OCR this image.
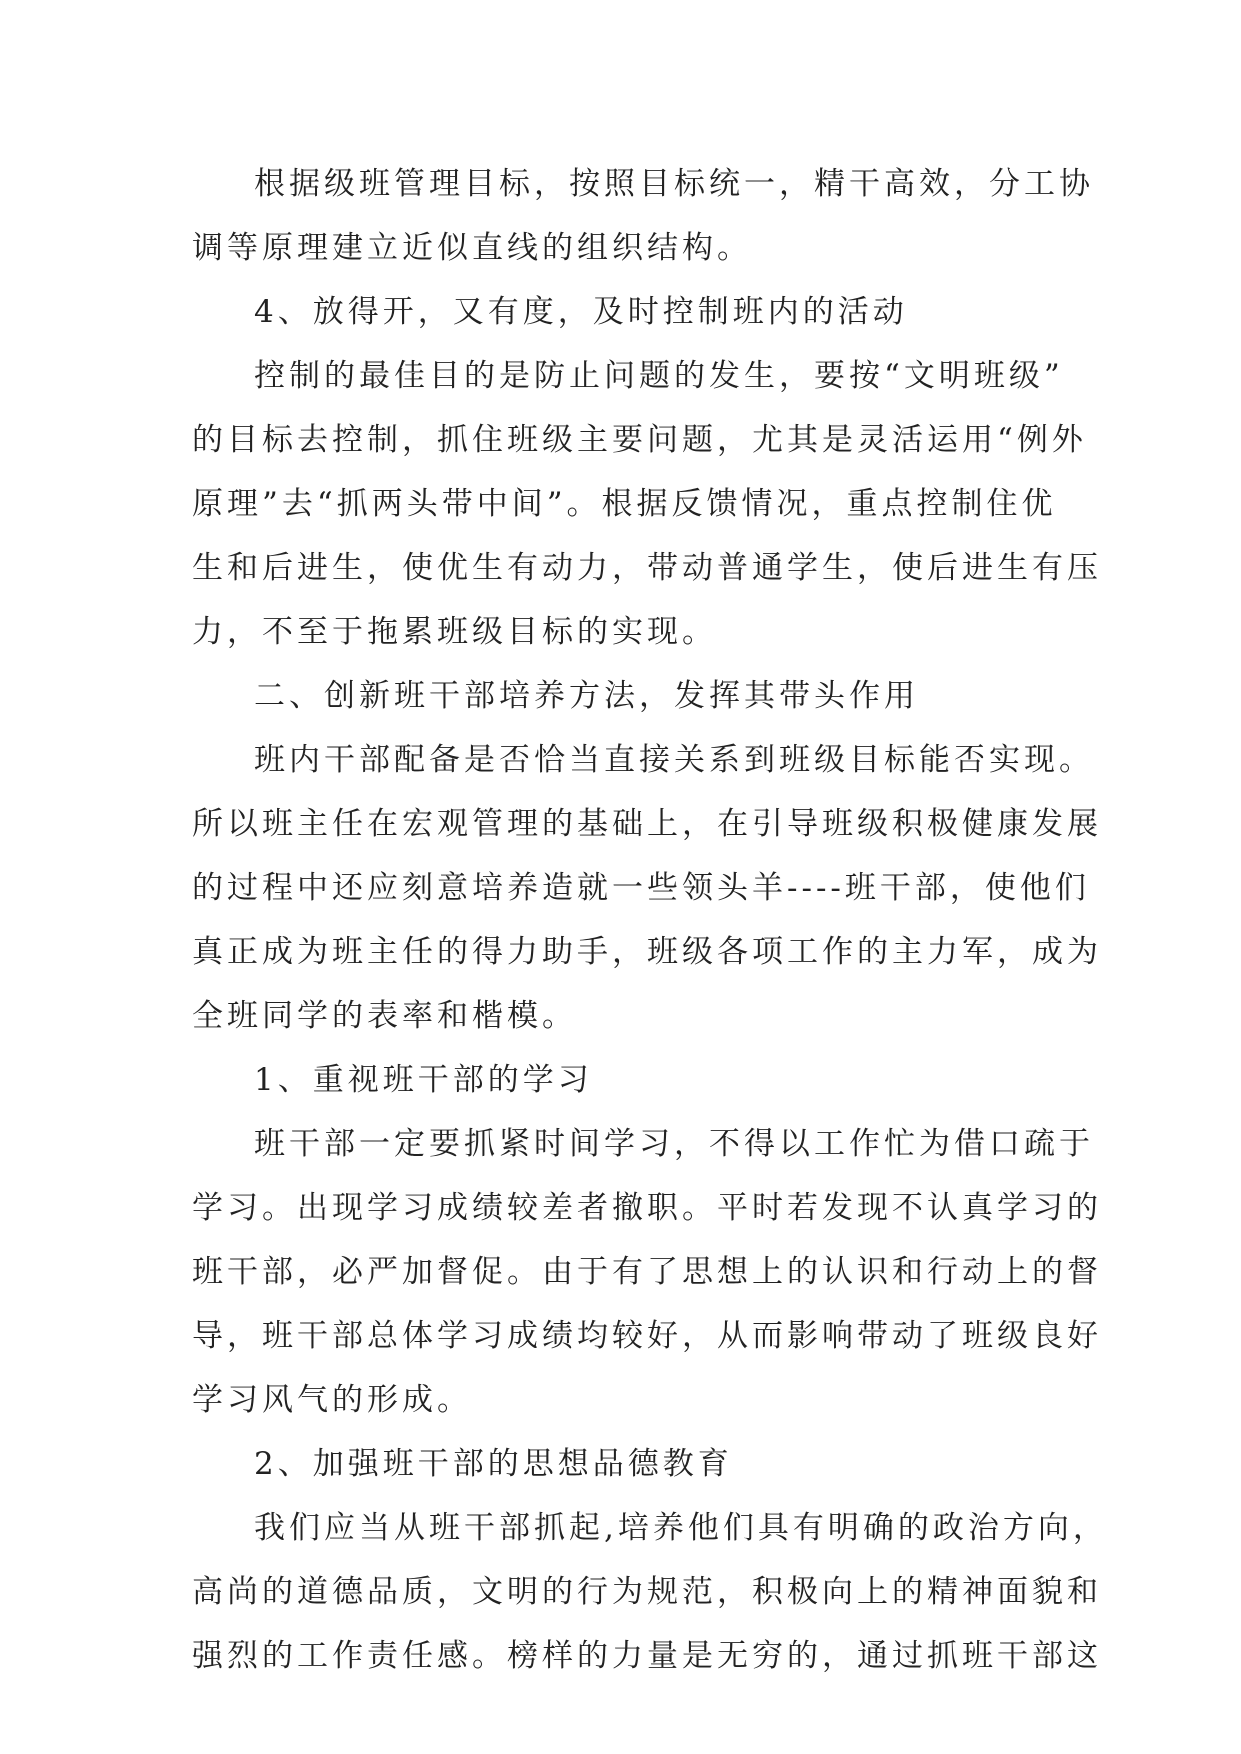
根据级班管理目标，按照目标统一，精干高效，分工协
调等原理建立近似直线的组织结构。
4、放得开，又有度，及时控制班内的活动
控制的最佳目的是防止问题的发生，要按“文明班级”
的目标去控制，抓住班级主要问题，尤其是灵活运用“例外
原理”去“抓两头带中间”。根据反馈情况，重点控制住优
生和后进生，使优生有动力，带动普通学生，使后进生有压
力，不至于拖累班级目标的实现。
二、创新班干部培养方法，发挥其带头作用
班内干部配备是否恰当直接关系到班级目标能否实现。
所以班主任在宏观管理的基础上，在引导班级积极健康发展
的过程中还应刻意培养造就一些领头羊----班干部，使他们
真正成为班主任的得力助手，班级各项工作的主力军，成为
全班同学的表率和楷模。
1、重视班干部的学习
班干部一定要抓紧时间学习，不得以工作忙为借口疏于
学习。出现学习成绩较差者撤职。平时若发现不认真学习的
班干部，必严加督促。由于有了思想上的认识和行动上的督
导，班干部总体学习成绩均较好，从而影响带动了班级良好
学习风气的形成。
2、加强班干部的思想品德教育
我们应当从班干部抓起,培养他们具有明确的政治方向，
高尚的道德品质，文明的行为规范，积极向上的精神面貌和
强烈的工作责任感。榜样的力量是无穷的，通过抓班干部这
